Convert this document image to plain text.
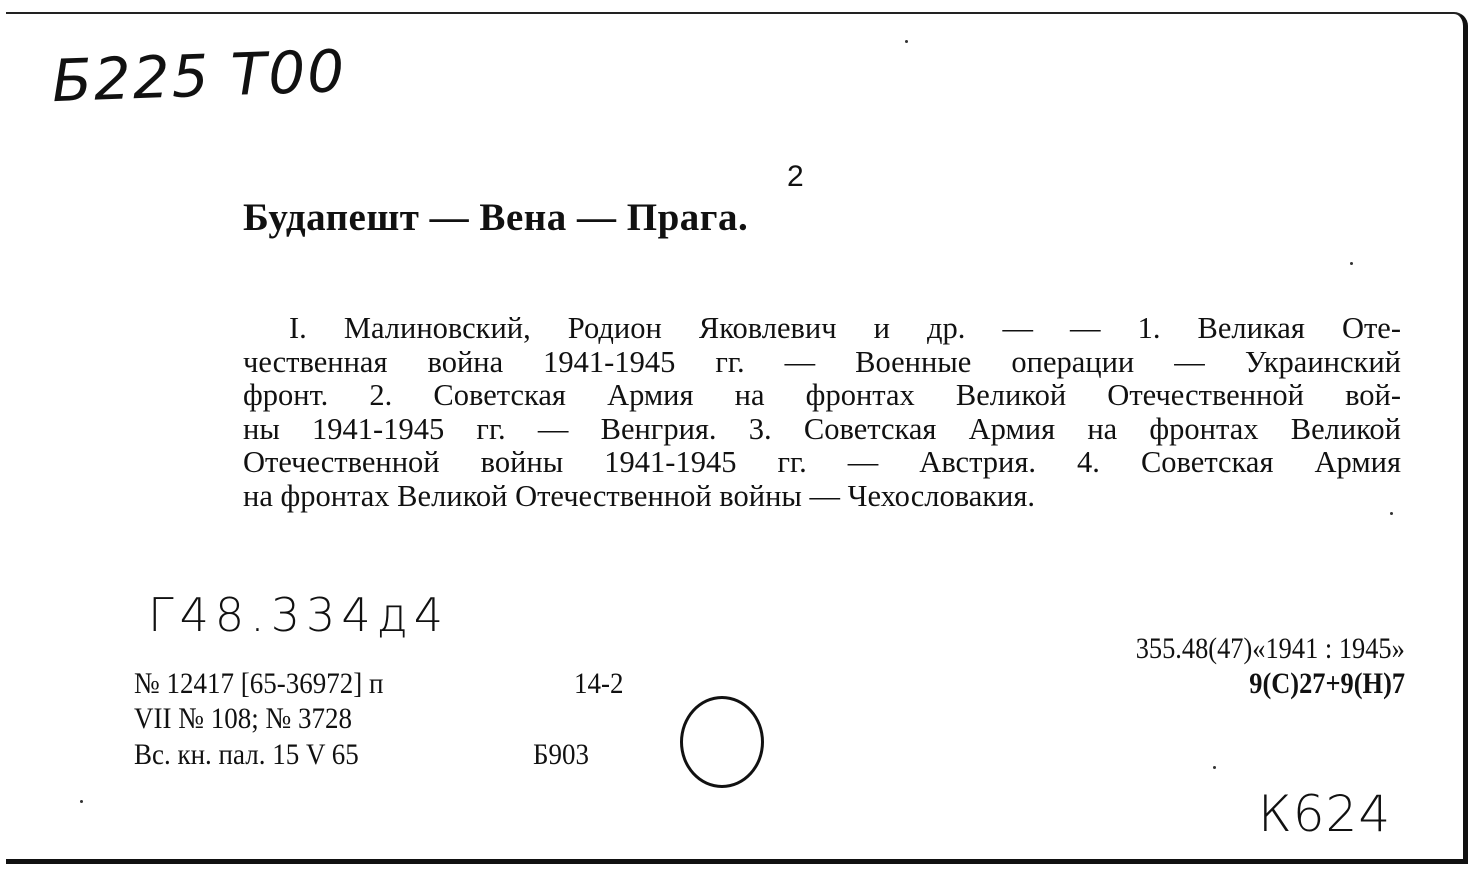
Б225 Т00
2
Будапешт — Вена — Прага.
I. Малиновский, Родион Яковлевич и др. — — 1. Великая Оте-
чественная война 1941-1945 гг. — Военные операции — Украинский
фронт. 2. Советская Армия на фронтах Великой Отечественной вой-
ны 1941-1945 гг. — Венгрия. 3. Советская Армия на фронтах Великой
Отечественной войны 1941-1945 гг. — Австрия. 4. Советская Армия
на фронтах Великой Отечественной войны — Чехословакия.
Г48.334д4
№ 12417 [65-36972] п	14-2
VII № 108; № 3728
Вс. кн. пал. 15 V 65	Б903
355.48(47)«1941 : 1945»
9(С)27+9(Н)7
К624
